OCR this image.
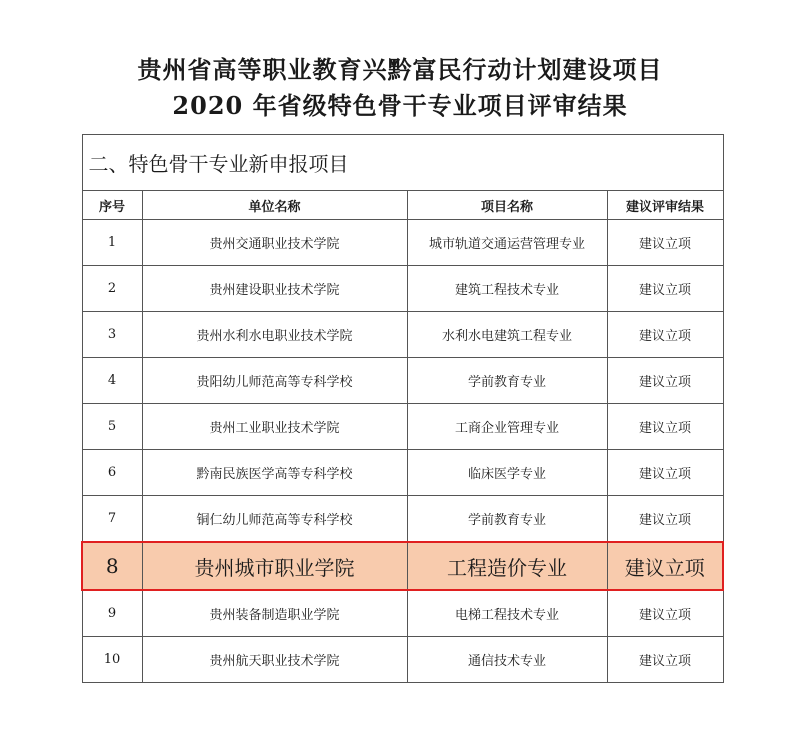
贵州省高等职业教育兴黔富民行动计划建设项目
2020 年省级特色骨干专业项目评审结果
二、特色骨干专业新申报项目			
序号	单位名称	项目名称	建议评审结果
1	贵州交通职业技术学院	城市轨道交通运营管理专业	建议立项
2	贵州建设职业技术学院	建筑工程技术专业	建议立项
3	贵州水利水电职业技术学院	水利水电建筑工程专业	建议立项
4	贵阳幼儿师范高等专科学校	学前教育专业	建议立项
5	贵州工业职业技术学院	工商企业管理专业	建议立项
6	黔南民族医学高等专科学校	临床医学专业	建议立项
7	铜仁幼儿师范高等专科学校	学前教育专业	建议立项
8	贵州城市职业学院	工程造价专业	建议立项
9	贵州装备制造职业学院	电梯工程技术专业	建议立项
10	贵州航天职业技术学院	通信技术专业	建议立项
